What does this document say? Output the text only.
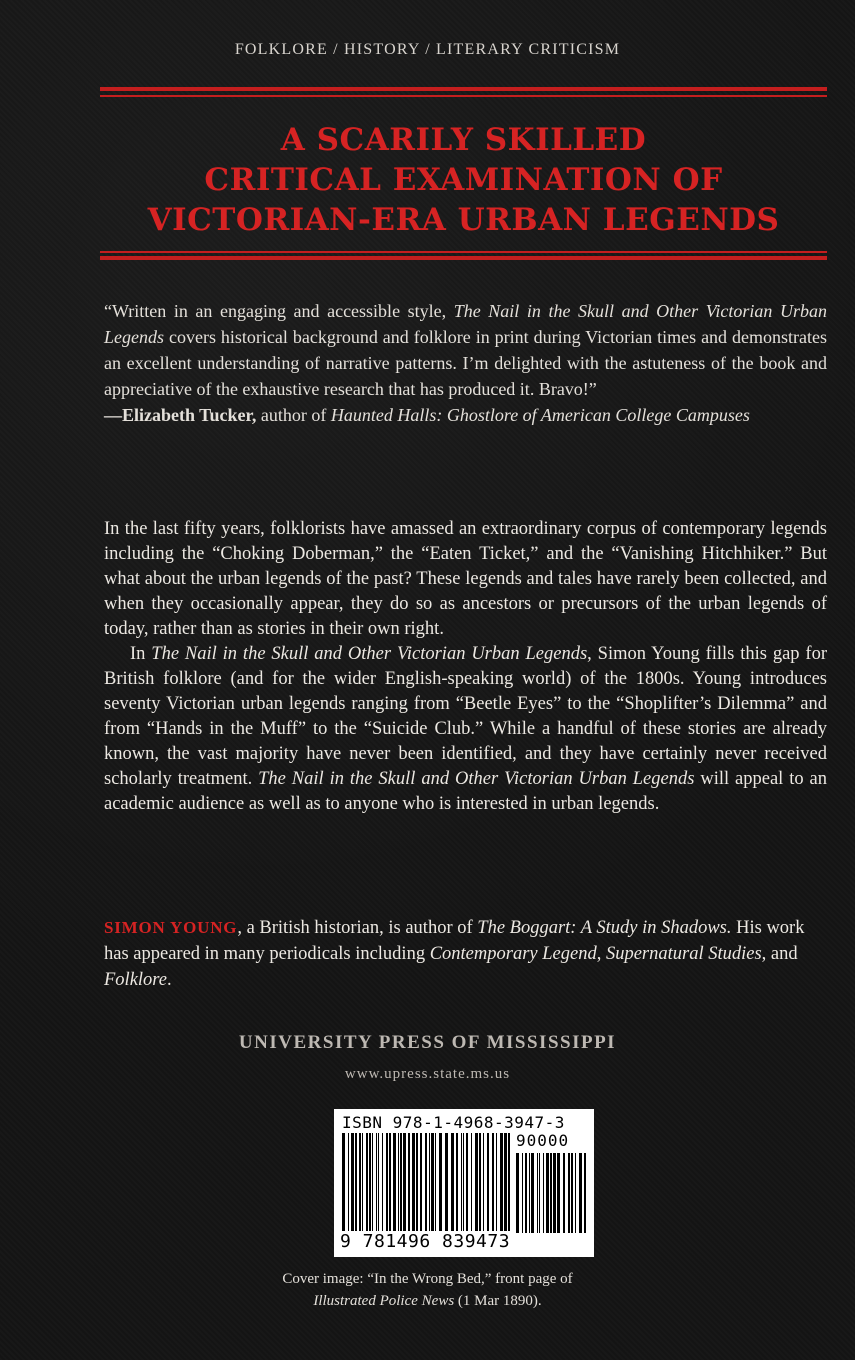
FOLKLORE / HISTORY / LITERARY CRITICISM
A SCARILY SKILLED
CRITICAL EXAMINATION OF
VICTORIAN-ERA URBAN LEGENDS
“Written in an engaging and accessible style, The Nail in the Skull and Other Victorian Urban Legends covers historical background and folklore in print during Victorian times and demonstrates an excellent understanding of narrative patterns. I’m delighted with the astuteness of the book and appreciative of the exhaustive research that has produced it. Bravo!”
—Elizabeth Tucker, author of Haunted Halls: Ghostlore of American College Campuses

In the last fifty years, folklorists have amassed an extraordinary corpus of contemporary legends including the “Choking Doberman,” the “Eaten Ticket,” and the “Vanishing Hitchhiker.” But what about the urban legends of the past? These legends and tales have rarely been collected, and when they occasionally appear, they do so as ancestors or precursors of the urban legends of today, rather than as stories in their own right.

In The Nail in the Skull and Other Victorian Urban Legends, Simon Young fills this gap for British folklore (and for the wider English-speaking world) of the 1800s. Young introduces seventy Victorian urban legends ranging from “Beetle Eyes” to the “Shoplifter’s Dilemma” and from “Hands in the Muff” to the “Suicide Club.” While a handful of these stories are already known, the vast majority have never been identified, and they have certainly never received scholarly treatment. The Nail in the Skull and Other Victorian Urban Legends will appeal to an academic audience as well as to anyone who is interested in urban legends.

SIMON YOUNG, a British historian, is author of The Boggart: A Study in Shadows. His work has appeared in many periodicals including Contemporary Legend, Supernatural Studies, and Folklore.
UNIVERSITY PRESS OF MISSISSIPPI
www.upress.state.ms.us
ISBN 978-1-4968-3947-3
90000
9 781496 839473
Cover image: “In the Wrong Bed,” front page of
Illustrated Police News (1 Mar 1890).
